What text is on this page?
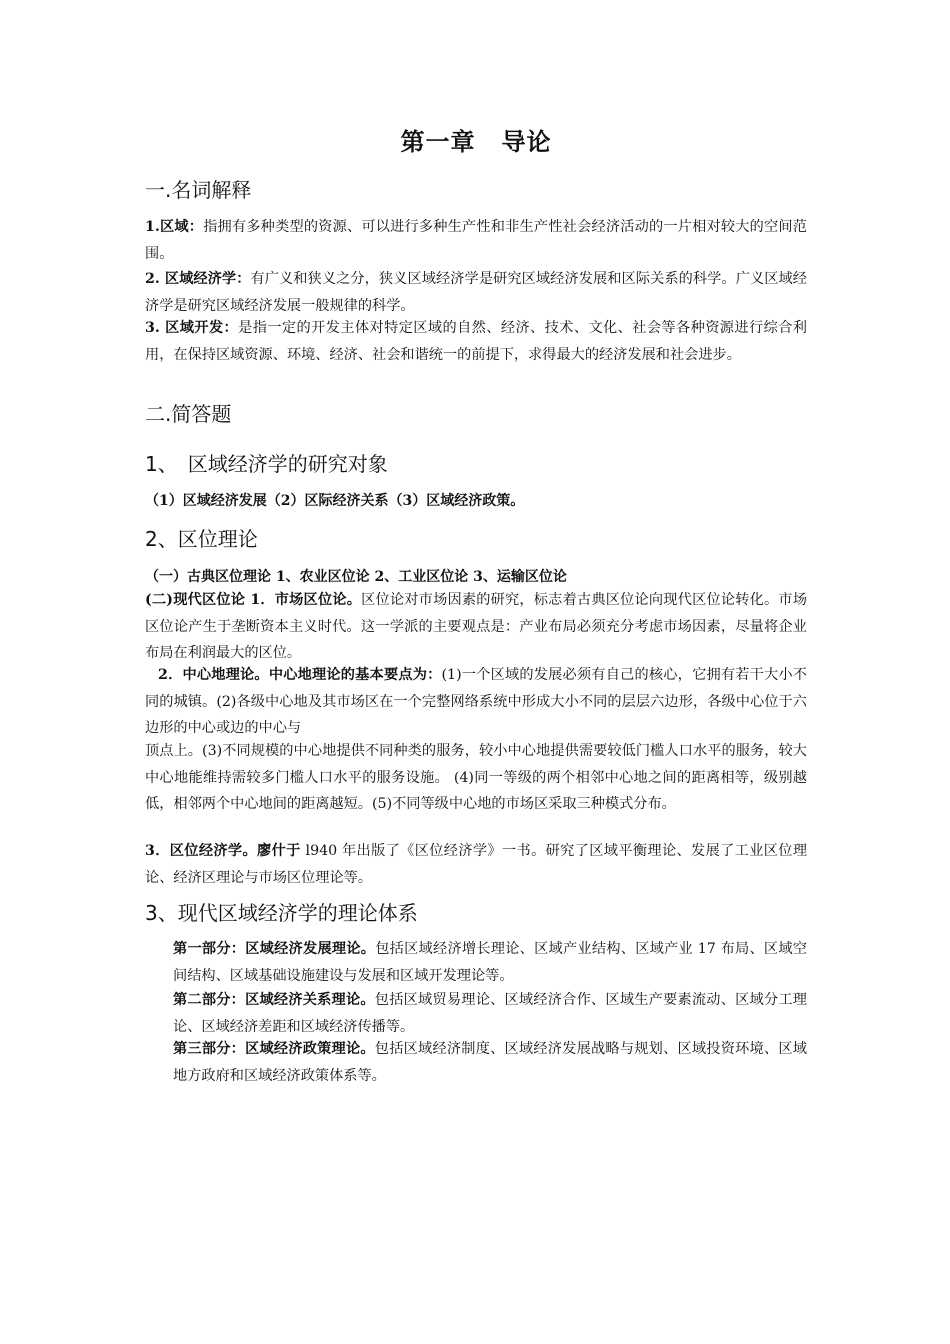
第一章 导论
一.名词解释

1.区域：指拥有多种类型的资源、可以进行多种生产性和非生产性社会经济活动的一片相对较大的空间范围。

2. 区域经济学：有广义和狭义之分，狭义区域经济学是研究区域经济发展和区际关系的科学。广义区域经济学是研究区域经济发展一般规律的科学。

3. 区域开发：是指一定的开发主体对特定区域的自然、经济、技术、文化、社会等各种资源进行综合利用，在保持区域资源、环境、经济、社会和谐统一的前提下，求得最大的经济发展和社会进步。

二.简答题
1、　区域经济学的研究对象

（1）区域经济发展（2）区际经济关系（3）区域经济政策。

2、区位理论

（一）古典区位理论 1、农业区位论 2、工业区位论 3、运输区位论

(二)现代区位论 1．市场区位论。区位论对市场因素的研究，标志着古典区位论向现代区位论转化。市场区位论产生于垄断资本主义时代。这一学派的主要观点是：产业布局必须充分考虑市场因素，尽量将企业布局在利润最大的区位。

2．中心地理论。中心地理论的基本要点为：(1)一个区域的发展必须有自己的核心，它拥有若干大小不同的城镇。(2)各级中心地及其市场区在一个完整网络系统中形成大小不同的层层六边形，各级中心位于六边形的中心或边的中心与

顶点上。(3)不同规模的中心地提供不同种类的服务，较小中心地提供需要较低门槛人口水平的服务，较大中心地能维持需较多门槛人口水平的服务设施。 (4)同一等级的两个相邻中心地之间的距离相等，级别越低，相邻两个中心地间的距离越短。(5)不同等级中心地的市场区采取三种模式分布。

3．区位经济学。廖什于 l940 年出版了《区位经济学》一书。研究了区域平衡理论、发展了工业区位理论、经济区理论与市场区位理论等。

3、现代区域经济学的理论体系

第一部分：区域经济发展理论。包括区域经济增长理论、区域产业结构、区域产业 17 布局、区域空间结构、区域基础设施建设与发展和区域开发理论等。

第二部分：区域经济关系理论。包括区域贸易理论、区域经济合作、区域生产要素流动、区域分工理论、区域经济差距和区域经济传播等。

第三部分：区域经济政策理论。包括区域经济制度、区域经济发展战略与规划、区域投资环境、区域地方政府和区域经济政策体系等。
